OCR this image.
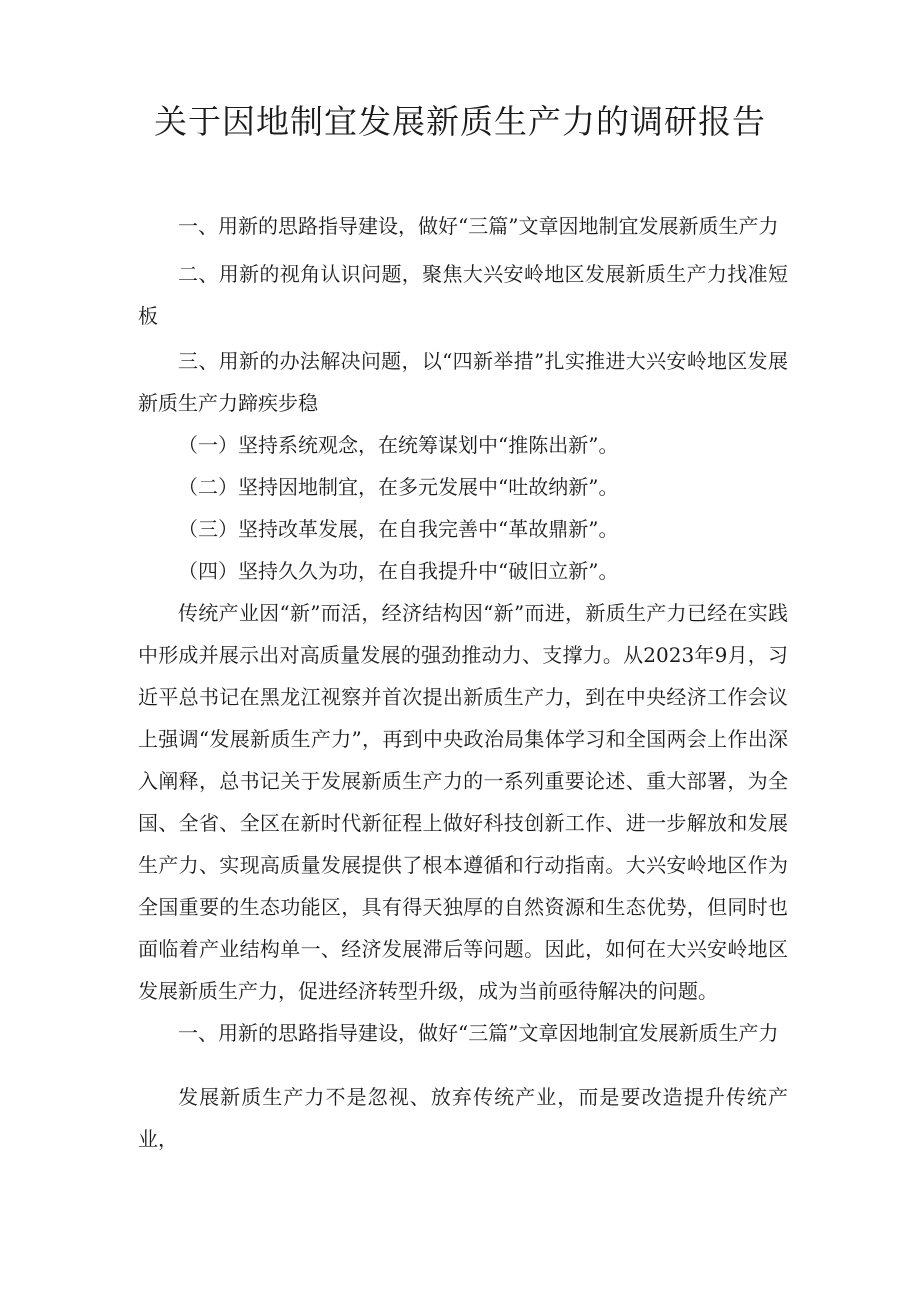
关于因地制宜发展新质生产力的调研报告

一、用新的思路指导建设，做好“三篇”文章因地制宜发展新质生产力

二、用新的视角认识问题，聚焦大兴安岭地区发展新质生产力找准短板

三、用新的办法解决问题，以“四新举措”扎实推进大兴安岭地区发展新质生产力蹄疾步稳

（一）坚持系统观念，在统筹谋划中“推陈出新”。

（二）坚持因地制宜，在多元发展中“吐故纳新”。

（三）坚持改革发展，在自我完善中“革故鼎新”。

（四）坚持久久为功，在自我提升中“破旧立新”。

传统产业因“新”而活，经济结构因“新”而进，新质生产力已经在实践中形成并展示出对高质量发展的强劲推动力、支撑力。从2023年9月，习近平总书记在黑龙江视察并首次提出新质生产力，到在中央经济工作会议上强调“发展新质生产力”，再到中央政治局集体学习和全国两会上作出深入阐释，总书记关于发展新质生产力的一系列重要论述、重大部署，为全国、全省、全区在新时代新征程上做好科技创新工作、进一步解放和发展生产力、实现高质量发展提供了根本遵循和行动指南。大兴安岭地区作为全国重要的生态功能区，具有得天独厚的自然资源和生态优势，但同时也面临着产业结构单一、经济发展滞后等问题。因此，如何在大兴安岭地区发展新质生产力，促进经济转型升级，成为当前亟待解决的问题。

一、用新的思路指导建设，做好“三篇”文章因地制宜发展新质生产力

发展新质生产力不是忽视、放弃传统产业，而是要改造提升传统产业，
